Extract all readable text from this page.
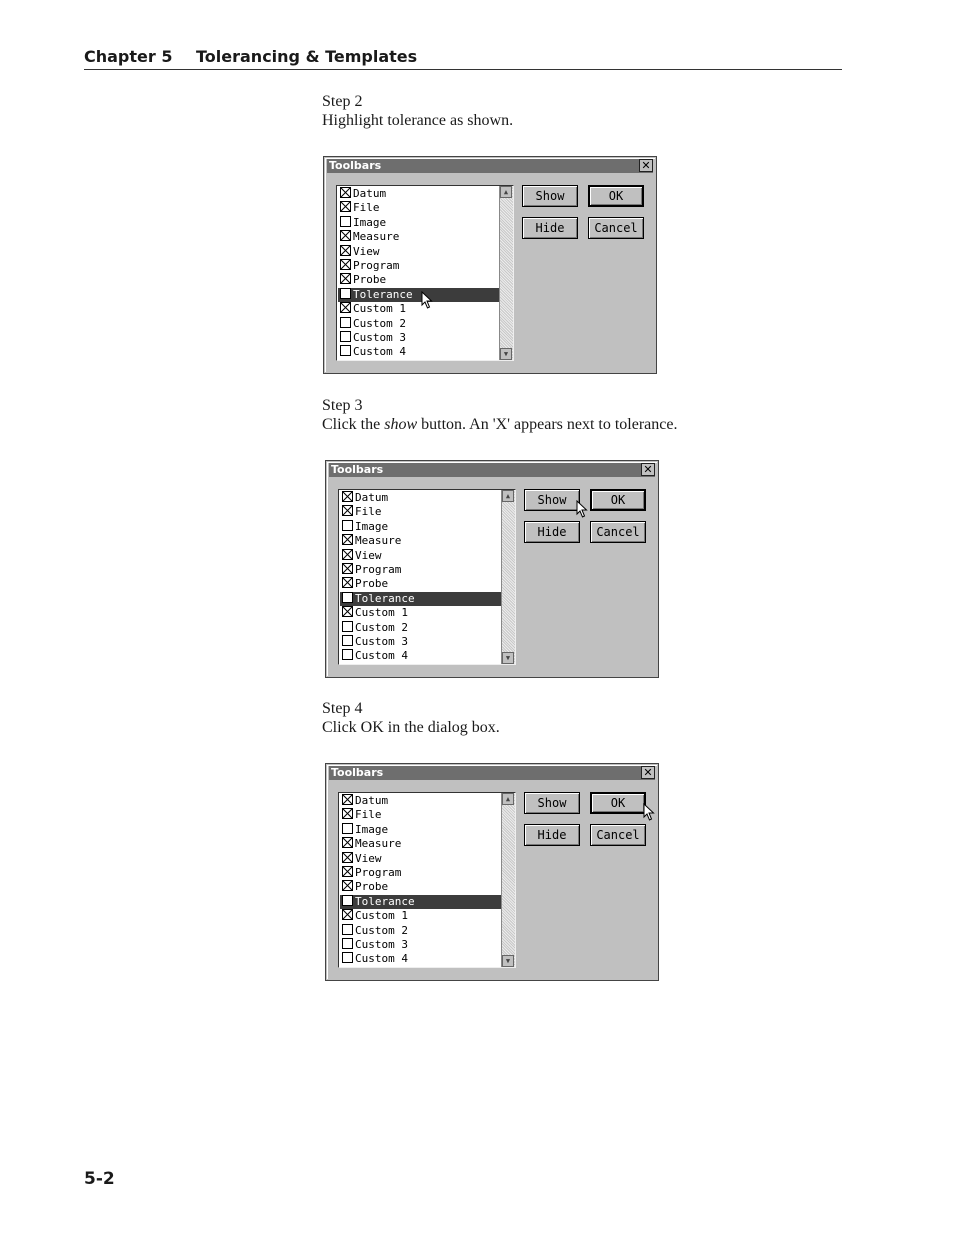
Chapter 5 Tolerancing & Templates
Step 2
Highlight tolerance as shown.
Step 3
Click the show button. An 'X' appears next to tolerance.
Step 4
Click OK in the dialog box.
Toolbars	✕
Datum
File
Image
Measure
View
Program
Probe
Tolerance
Custom 1
Custom 2
Custom 3
Custom 4
▲
▼
Show	OK
Hide	Cancel
Toolbars	✕
Datum
File
Image
Measure
View
Program
Probe
Tolerance
Custom 1
Custom 2
Custom 3
Custom 4
▲
▼
Show	OK
Hide	Cancel
Toolbars	✕
Datum
File
Image
Measure
View
Program
Probe
Tolerance
Custom 1
Custom 2
Custom 3
Custom 4
▲
▼
Show	OK
Hide	Cancel
5-2
